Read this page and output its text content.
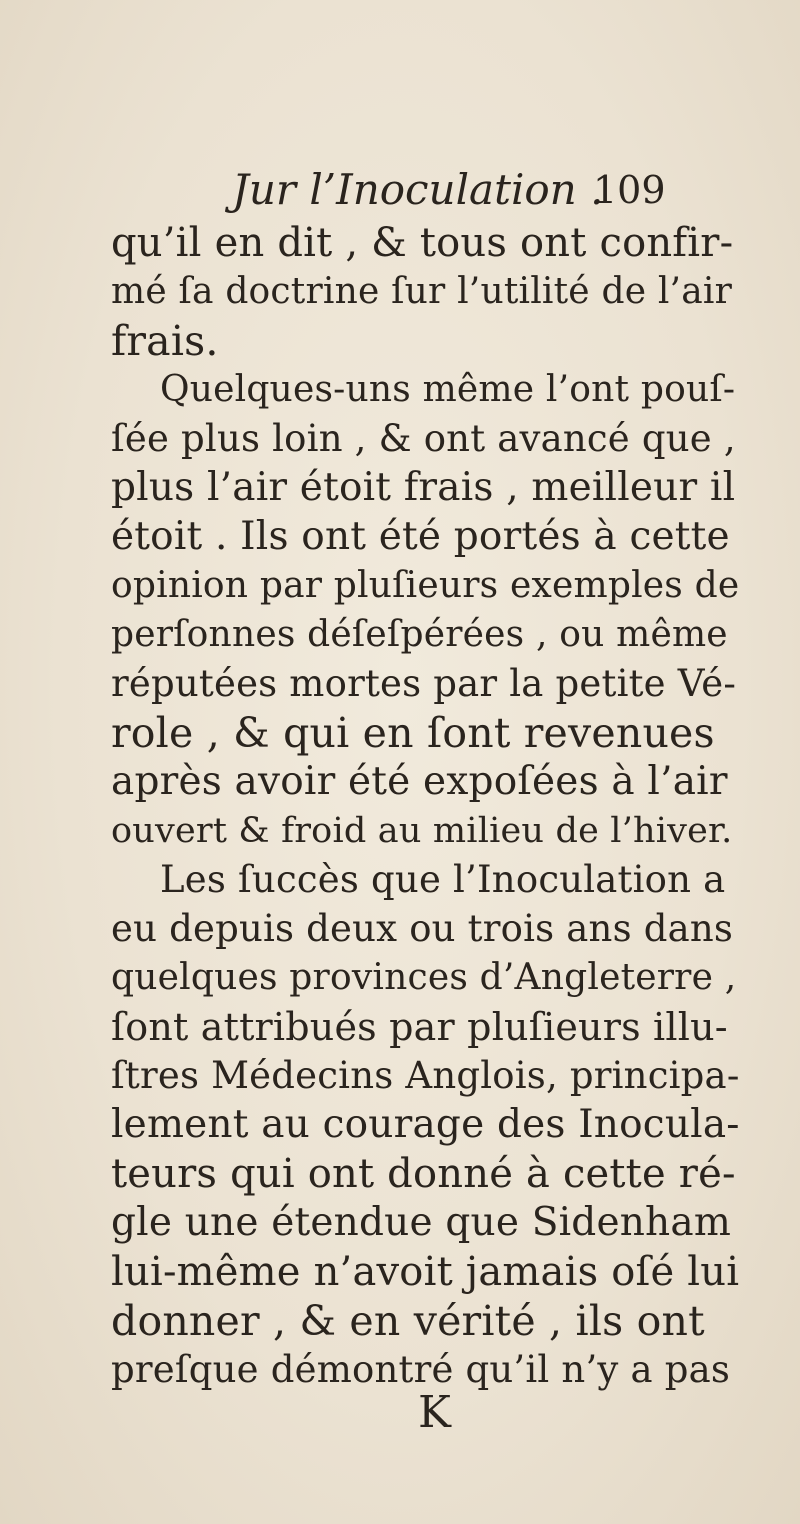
Jur l’Inoculation .
109
qu’il en dit , & tous ont confir-
mé ſa doctrine ſur l’utilité de l’air
frais.
Quelques-uns même l’ont pouſ-
ſée plus loin , & ont avancé que ,
plus l’air étoit frais , meilleur il
étoit . Ils ont été portés à cette
opinion par pluſieurs exemples de
perſonnes déſeſpérées , ou même
réputées mortes par la petite Vé-
role , & qui en ſont revenues
après avoir été expoſées à l’air
ouvert & froid au milieu de l’hiver.
Les ſuccès que l’Inoculation a
eu depuis deux ou trois ans dans
quelques provinces d’Angleterre ,
ſont attribués par pluſieurs illu-
ſtres Médecins Anglois, principa-
lement au courage des Inocula-
teurs qui ont donné à cette ré-
gle une étendue que Sidenham
lui-même n’avoit jamais oſé lui
donner , & en vérité , ils ont
preſque démontré qu’il n’y a pas
K
